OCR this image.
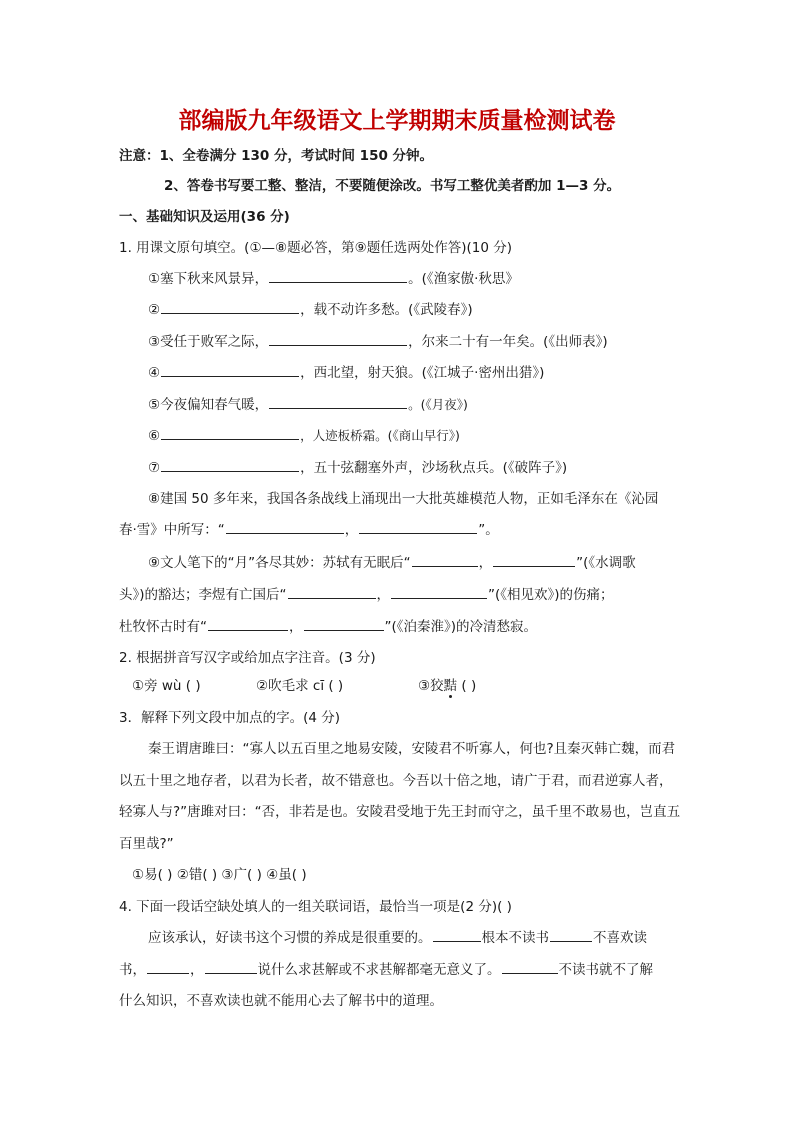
部编版九年级语文上学期期末质量检测试卷
注意：1、全卷满分 130 分，考试时间 150 分钟。
2、答卷书写要工整、整洁，不要随便涂改。书写工整优美者酌加 1—3 分。
一、基础知识及运用(36 分)
1. 用课文原句填空。(①—⑧题必答，第⑨题任选两处作答)(10 分)
①塞下秋来风景异，	。(《渔家傲·秋思》
②	，载不动许多愁。(《武陵春》)
③受任于败军之际，	，尔来二十有一年矣。(《出师表》)
④	，西北望，射天狼。(《江城子·密州出猎》)
⑤今夜偏知春气暖，	。(《月夜》)
⑥	，人迹板桥霜。(《商山早行》)
⑦	，五十弦翻塞外声，沙场秋点兵。(《破阵子》)
⑧建国 50 多年来，我国各条战线上涌现出一大批英雄模范人物，正如毛泽东在《沁园
春·雪》中所写：“	，	”。
⑨文人笔下的“月”各尽其妙：苏轼有无眠后“	，	”(《水调歌
头》)的豁达；李煜有亡国后“	，	”(《相见欢》)的伤痛；
杜牧怀古时有“	，	”(《泊秦淮》)的冷清愁寂。
2. 根据拼音写汉字或给加点字注音。(3 分)
①旁 wù ( )	②吹毛求 cī ( )	③狡黠 ( )
3．解释下列文段中加点的字。(4 分)
秦王谓唐雎曰：“寡人以五百里之地易安陵，安陵君不听寡人，何也?且秦灭韩亡魏，而君
以五十里之地存者，以君为长者，故不错意也。今吾以十倍之地，请广于君，而君逆寡人者，
轻寡人与?”唐雎对曰：“否，非若是也。安陵君受地于先王封而守之，虽千里不敢易也，岂直五
百里哉?”
①易( ) ②错( ) ③广( ) ④虽( )
4. 下面一段话空缺处填人的一组关联词语，最恰当一项是(2 分)( )
应该承认，好读书这个习惯的养成是很重要的。	根本不读书	不喜欢读
书，	，	说什么求甚解或不求甚解都毫无意义了。	不读书就不了解
什么知识，不喜欢读也就不能用心去了解书中的道理。
